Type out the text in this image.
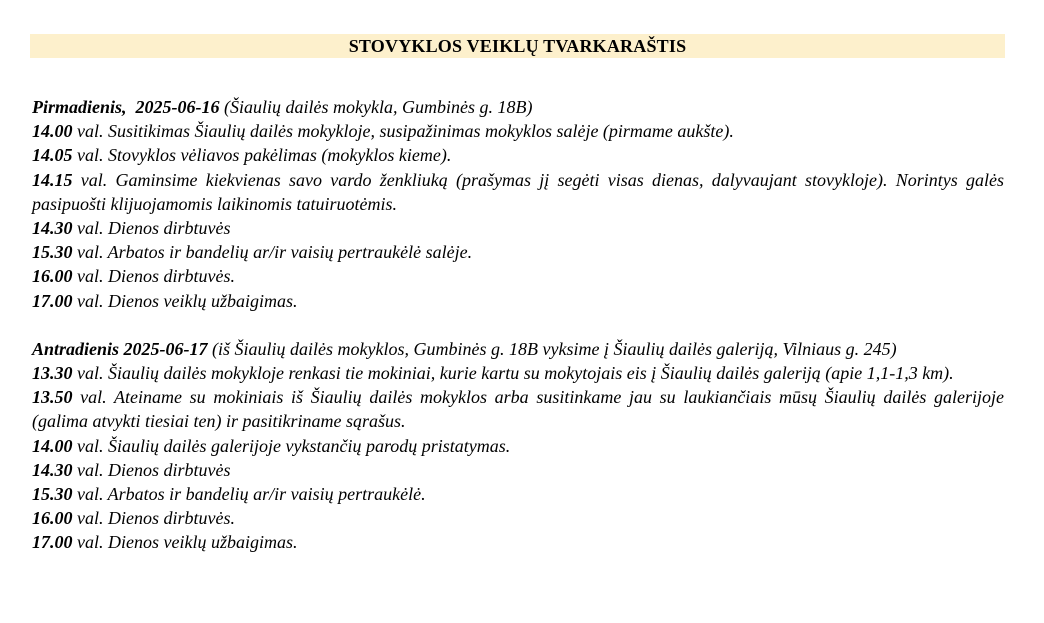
STOVYKLOS VEIKLŲ TVARKARAŠTIS
Pirmadienis, 2025-06-16 (Šiaulių dailės mokykla, Gumbinės g. 18B)
14.00 val. Susitikimas Šiaulių dailės mokykloje, susipažinimas mokyklos salėje (pirmame aukšte).
14.05 val. Stovyklos vėliavos pakėlimas (mokyklos kieme).
14.15 val. Gaminsime kiekvienas savo vardo ženkliuką (prašymas jį segėti visas dienas, dalyvaujant stovykloje). Norintys galės pasipuošti klijuojamomis laikinomis tatuiruotėmis.
14.30 val. Dienos dirbtuvės
15.30 val. Arbatos ir bandelių ar/ir vaisių pertraukėlė salėje.
16.00 val. Dienos dirbtuvės.
17.00 val. Dienos veiklų užbaigimas.
Antradienis 2025-06-17 (iš Šiaulių dailės mokyklos, Gumbinės g. 18B vyksime į Šiaulių dailės galeriją, Vilniaus g. 245)
13.30 val. Šiaulių dailės mokykloje renkasi tie mokiniai, kurie kartu su mokytojais eis į Šiaulių dailės galeriją (apie 1,1-1,3 km).
13.50 val. Ateiname su mokiniais iš Šiaulių dailės mokyklos arba susitinkame jau su laukiančiais mūsų Šiaulių dailės galerijoje (galima atvykti tiesiai ten) ir pasitikriname sąrašus.
14.00 val. Šiaulių dailės galerijoje vykstančių parodų pristatymas.
14.30 val. Dienos dirbtuvės
15.30 val. Arbatos ir bandelių ar/ir vaisių pertraukėlė.
16.00 val. Dienos dirbtuvės.
17.00 val. Dienos veiklų užbaigimas.
